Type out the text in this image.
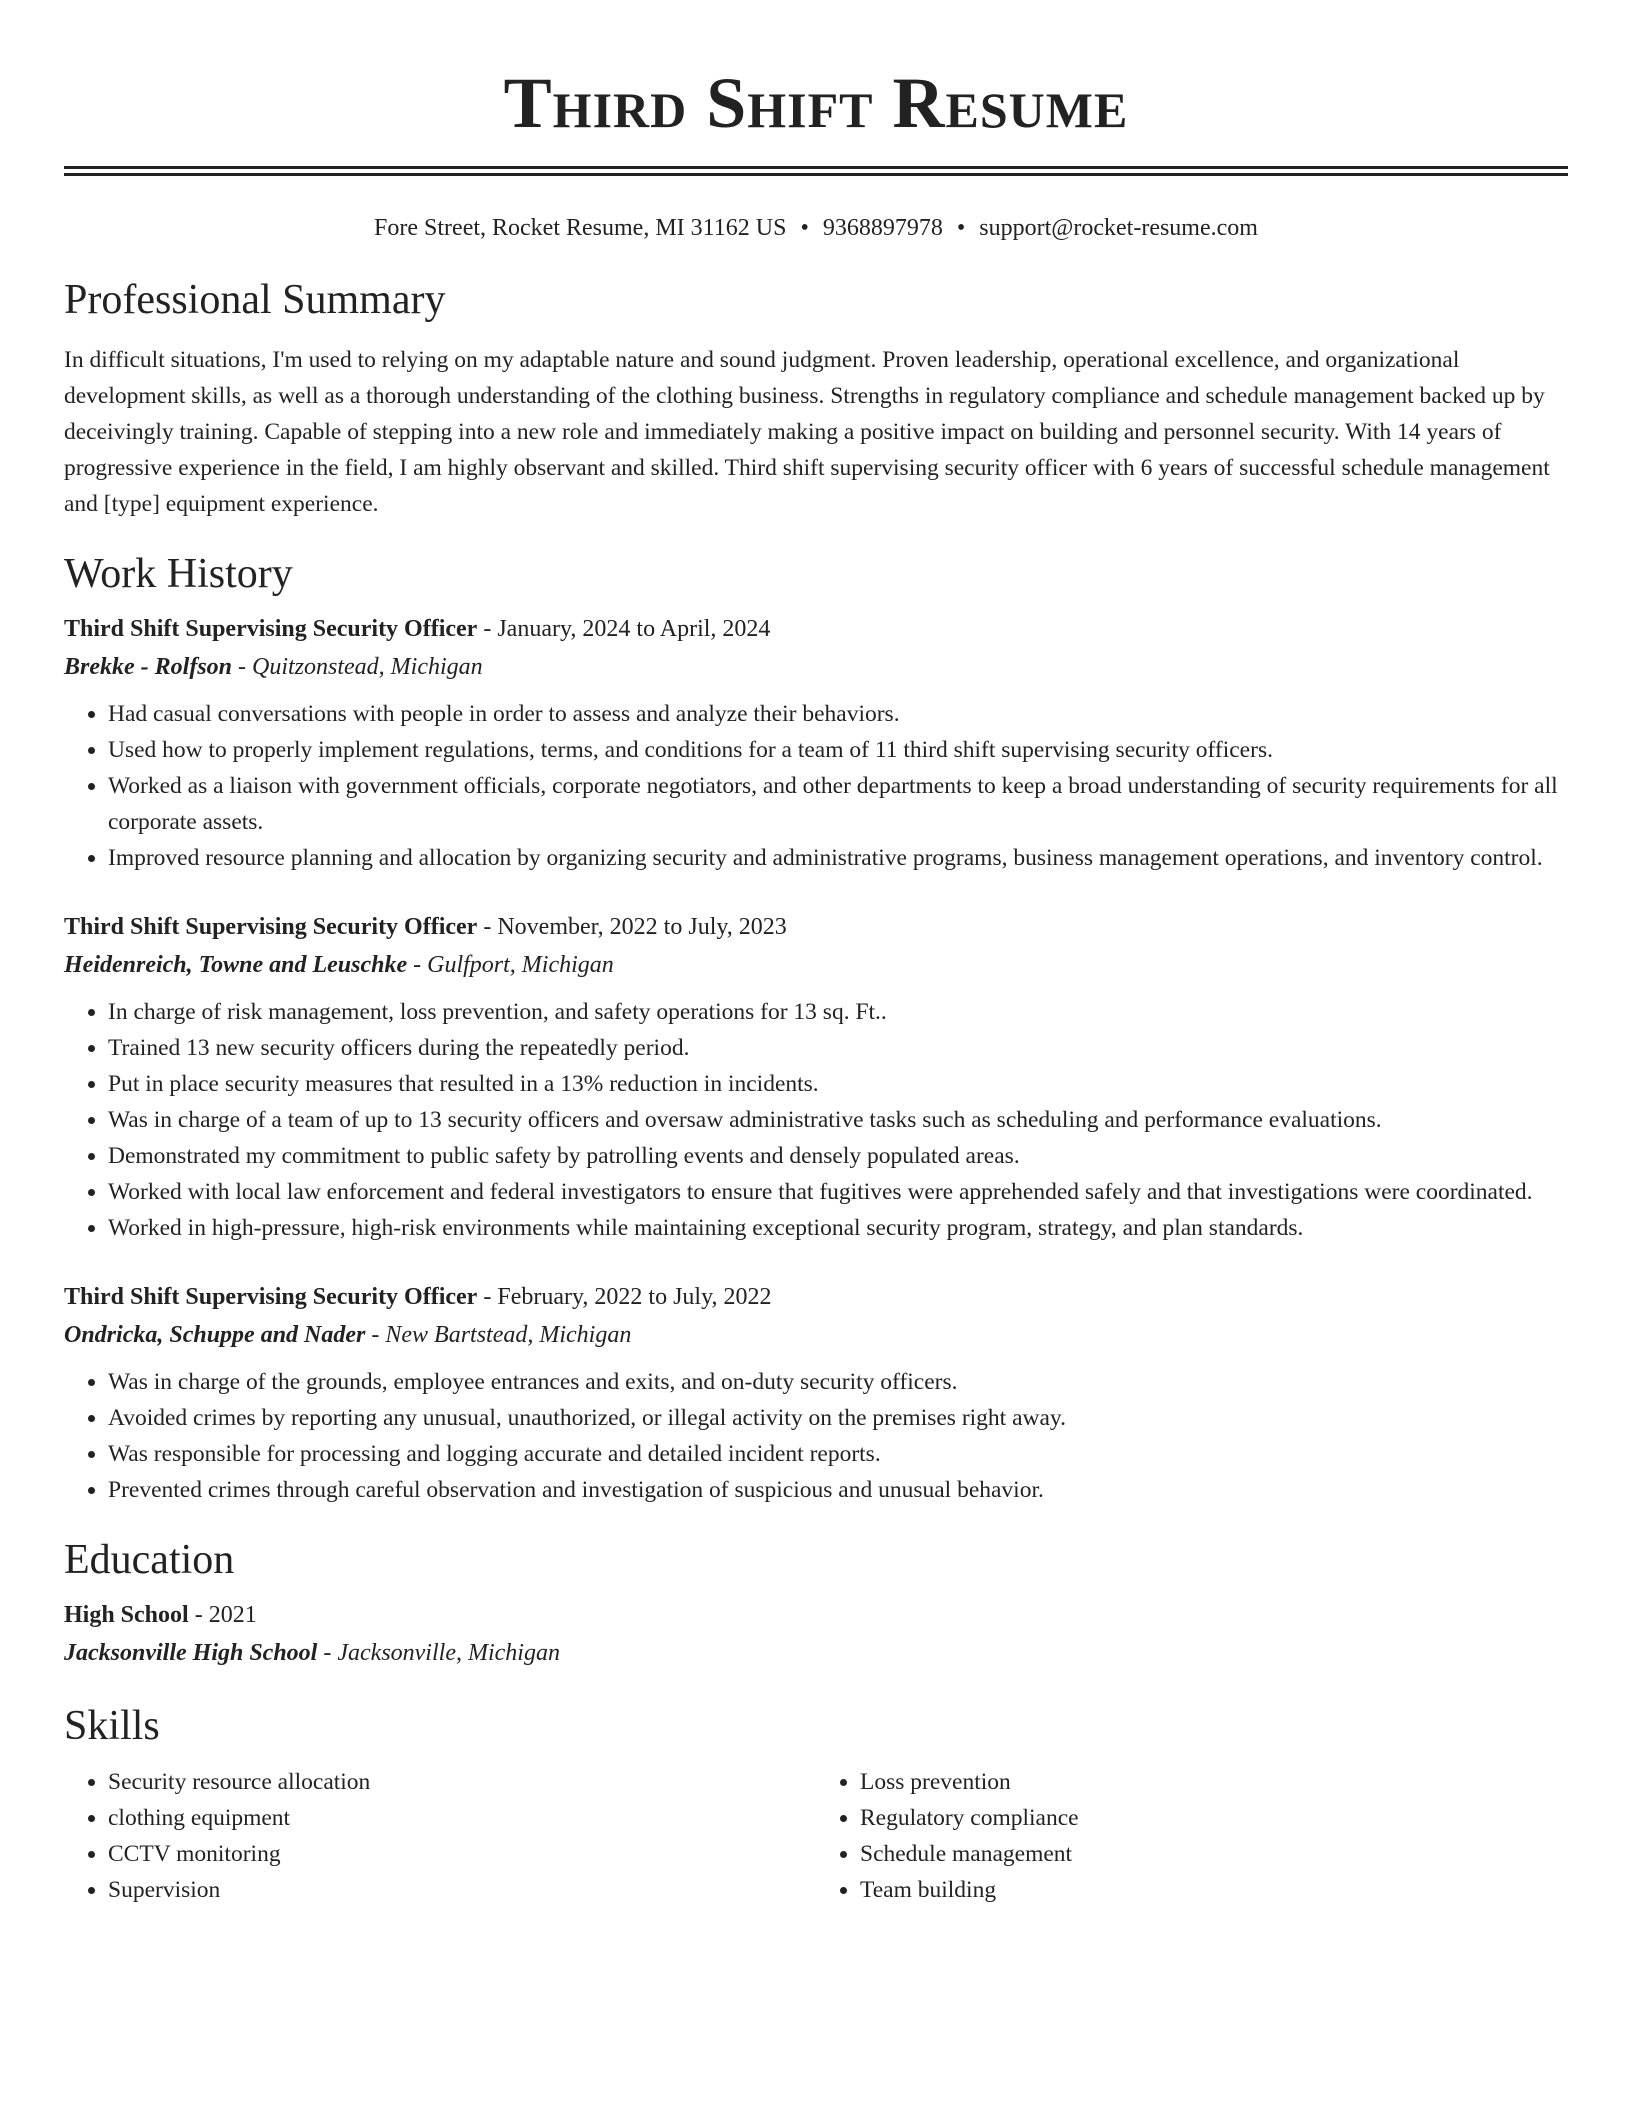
Third Shift Resume
Fore Street, Rocket Resume, MI 31162 US • 9368897978 • support@rocket-resume.com
Professional Summary

In difficult situations, I'm used to relying on my adaptable nature and sound judgment. Proven leadership, operational excellence, and organizational development skills, as well as a thorough understanding of the clothing business. Strengths in regulatory compliance and schedule management backed up by deceivingly training. Capable of stepping into a new role and immediately making a positive impact on building and personnel security. With 14 years of progressive experience in the field, I am highly observant and skilled. Third shift supervising security officer with 6 years of successful schedule management and [type] equipment experience.

Work History
Third Shift Supervising Security Officer - January, 2024 to April, 2024
Brekke - Rolfson - Quitzonstead, Michigan
• Had casual conversations with people in order to assess and analyze their behaviors.
• Used how to properly implement regulations, terms, and conditions for a team of 11 third shift supervising security officers.
• Worked as a liaison with government officials, corporate negotiators, and other departments to keep a broad understanding of security requirements for all corporate assets.
• Improved resource planning and allocation by organizing security and administrative programs, business management operations, and inventory control.
Third Shift Supervising Security Officer - November, 2022 to July, 2023
Heidenreich, Towne and Leuschke - Gulfport, Michigan
• In charge of risk management, loss prevention, and safety operations for 13 sq. Ft..
• Trained 13 new security officers during the repeatedly period.
• Put in place security measures that resulted in a 13% reduction in incidents.
• Was in charge of a team of up to 13 security officers and oversaw administrative tasks such as scheduling and performance evaluations.
• Demonstrated my commitment to public safety by patrolling events and densely populated areas.
• Worked with local law enforcement and federal investigators to ensure that fugitives were apprehended safely and that investigations were coordinated.
• Worked in high-pressure, high-risk environments while maintaining exceptional security program, strategy, and plan standards.
Third Shift Supervising Security Officer - February, 2022 to July, 2022
Ondricka, Schuppe and Nader - New Bartstead, Michigan
• Was in charge of the grounds, employee entrances and exits, and on-duty security officers.
• Avoided crimes by reporting any unusual, unauthorized, or illegal activity on the premises right away.
• Was responsible for processing and logging accurate and detailed incident reports.
• Prevented crimes through careful observation and investigation of suspicious and unusual behavior.
Education
High School - 2021
Jacksonville High School - Jacksonville, Michigan
Skills
• Security resource allocation
• clothing equipment
• CCTV monitoring
• Supervision
• Loss prevention
• Regulatory compliance
• Schedule management
• Team building
